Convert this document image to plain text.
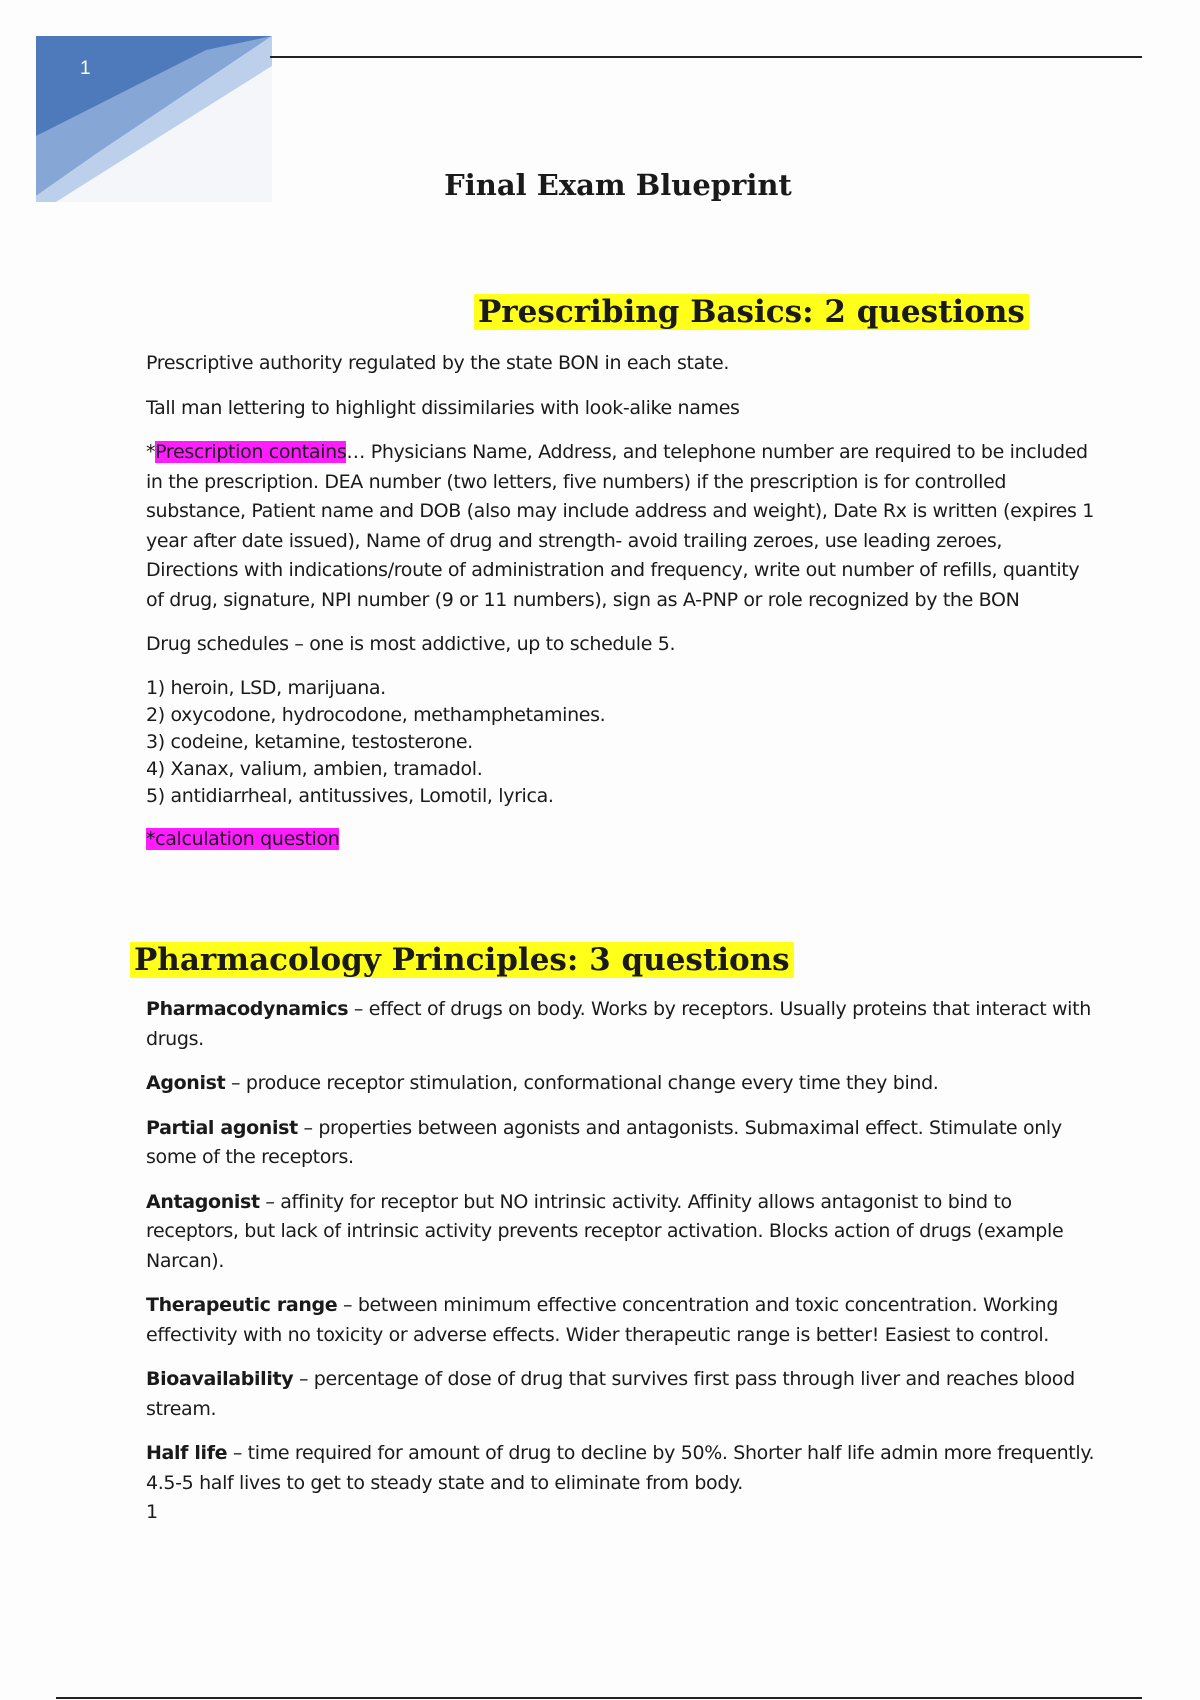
1
Final Exam Blueprint
Prescribing Basics: 2 questions

Prescriptive authority regulated by the state BON in each state.

Tall man lettering to highlight dissimilaries with look-alike names

*Prescription contains… Physicians Name, Address, and telephone number are required to be included in the prescription. DEA number (two letters, five numbers) if the prescription is for controlled substance, Patient name and DOB (also may include address and weight), Date Rx is written (expires 1 year after date issued), Name of drug and strength- avoid trailing zeroes, use leading zeroes, Directions with indications/route of administration and frequency, write out number of refills, quantity of drug, signature, NPI number (9 or 11 numbers), sign as A-PNP or role recognized by the BON

Drug schedules – one is most addictive, up to schedule 5.

1) heroin, LSD, marijuana.
2) oxycodone, hydrocodone, methamphetamines.
3) codeine, ketamine, testosterone.
4) Xanax, valium, ambien, tramadol.
5) antidiarrheal, antitussives, Lomotil, lyrica.

*calculation question

Pharmacology Principles: 3 questions

Pharmacodynamics – effect of drugs on body. Works by receptors. Usually proteins that interact with drugs.

Agonist – produce receptor stimulation, conformational change every time they bind.

Partial agonist – properties between agonists and antagonists. Submaximal effect. Stimulate only some of the receptors.

Antagonist – affinity for receptor but NO intrinsic activity. Affinity allows antagonist to bind to receptors, but lack of intrinsic activity prevents receptor activation. Blocks action of drugs (example Narcan).

Therapeutic range – between minimum effective concentration and toxic concentration. Working effectivity with no toxicity or adverse effects. Wider therapeutic range is better! Easiest to control.

Bioavailability – percentage of dose of drug that survives first pass through liver and reaches blood stream.

Half life – time required for amount of drug to decline by 50%. Shorter half life admin more frequently. 4.5-5 half lives to get to steady state and to eliminate from body.

1
